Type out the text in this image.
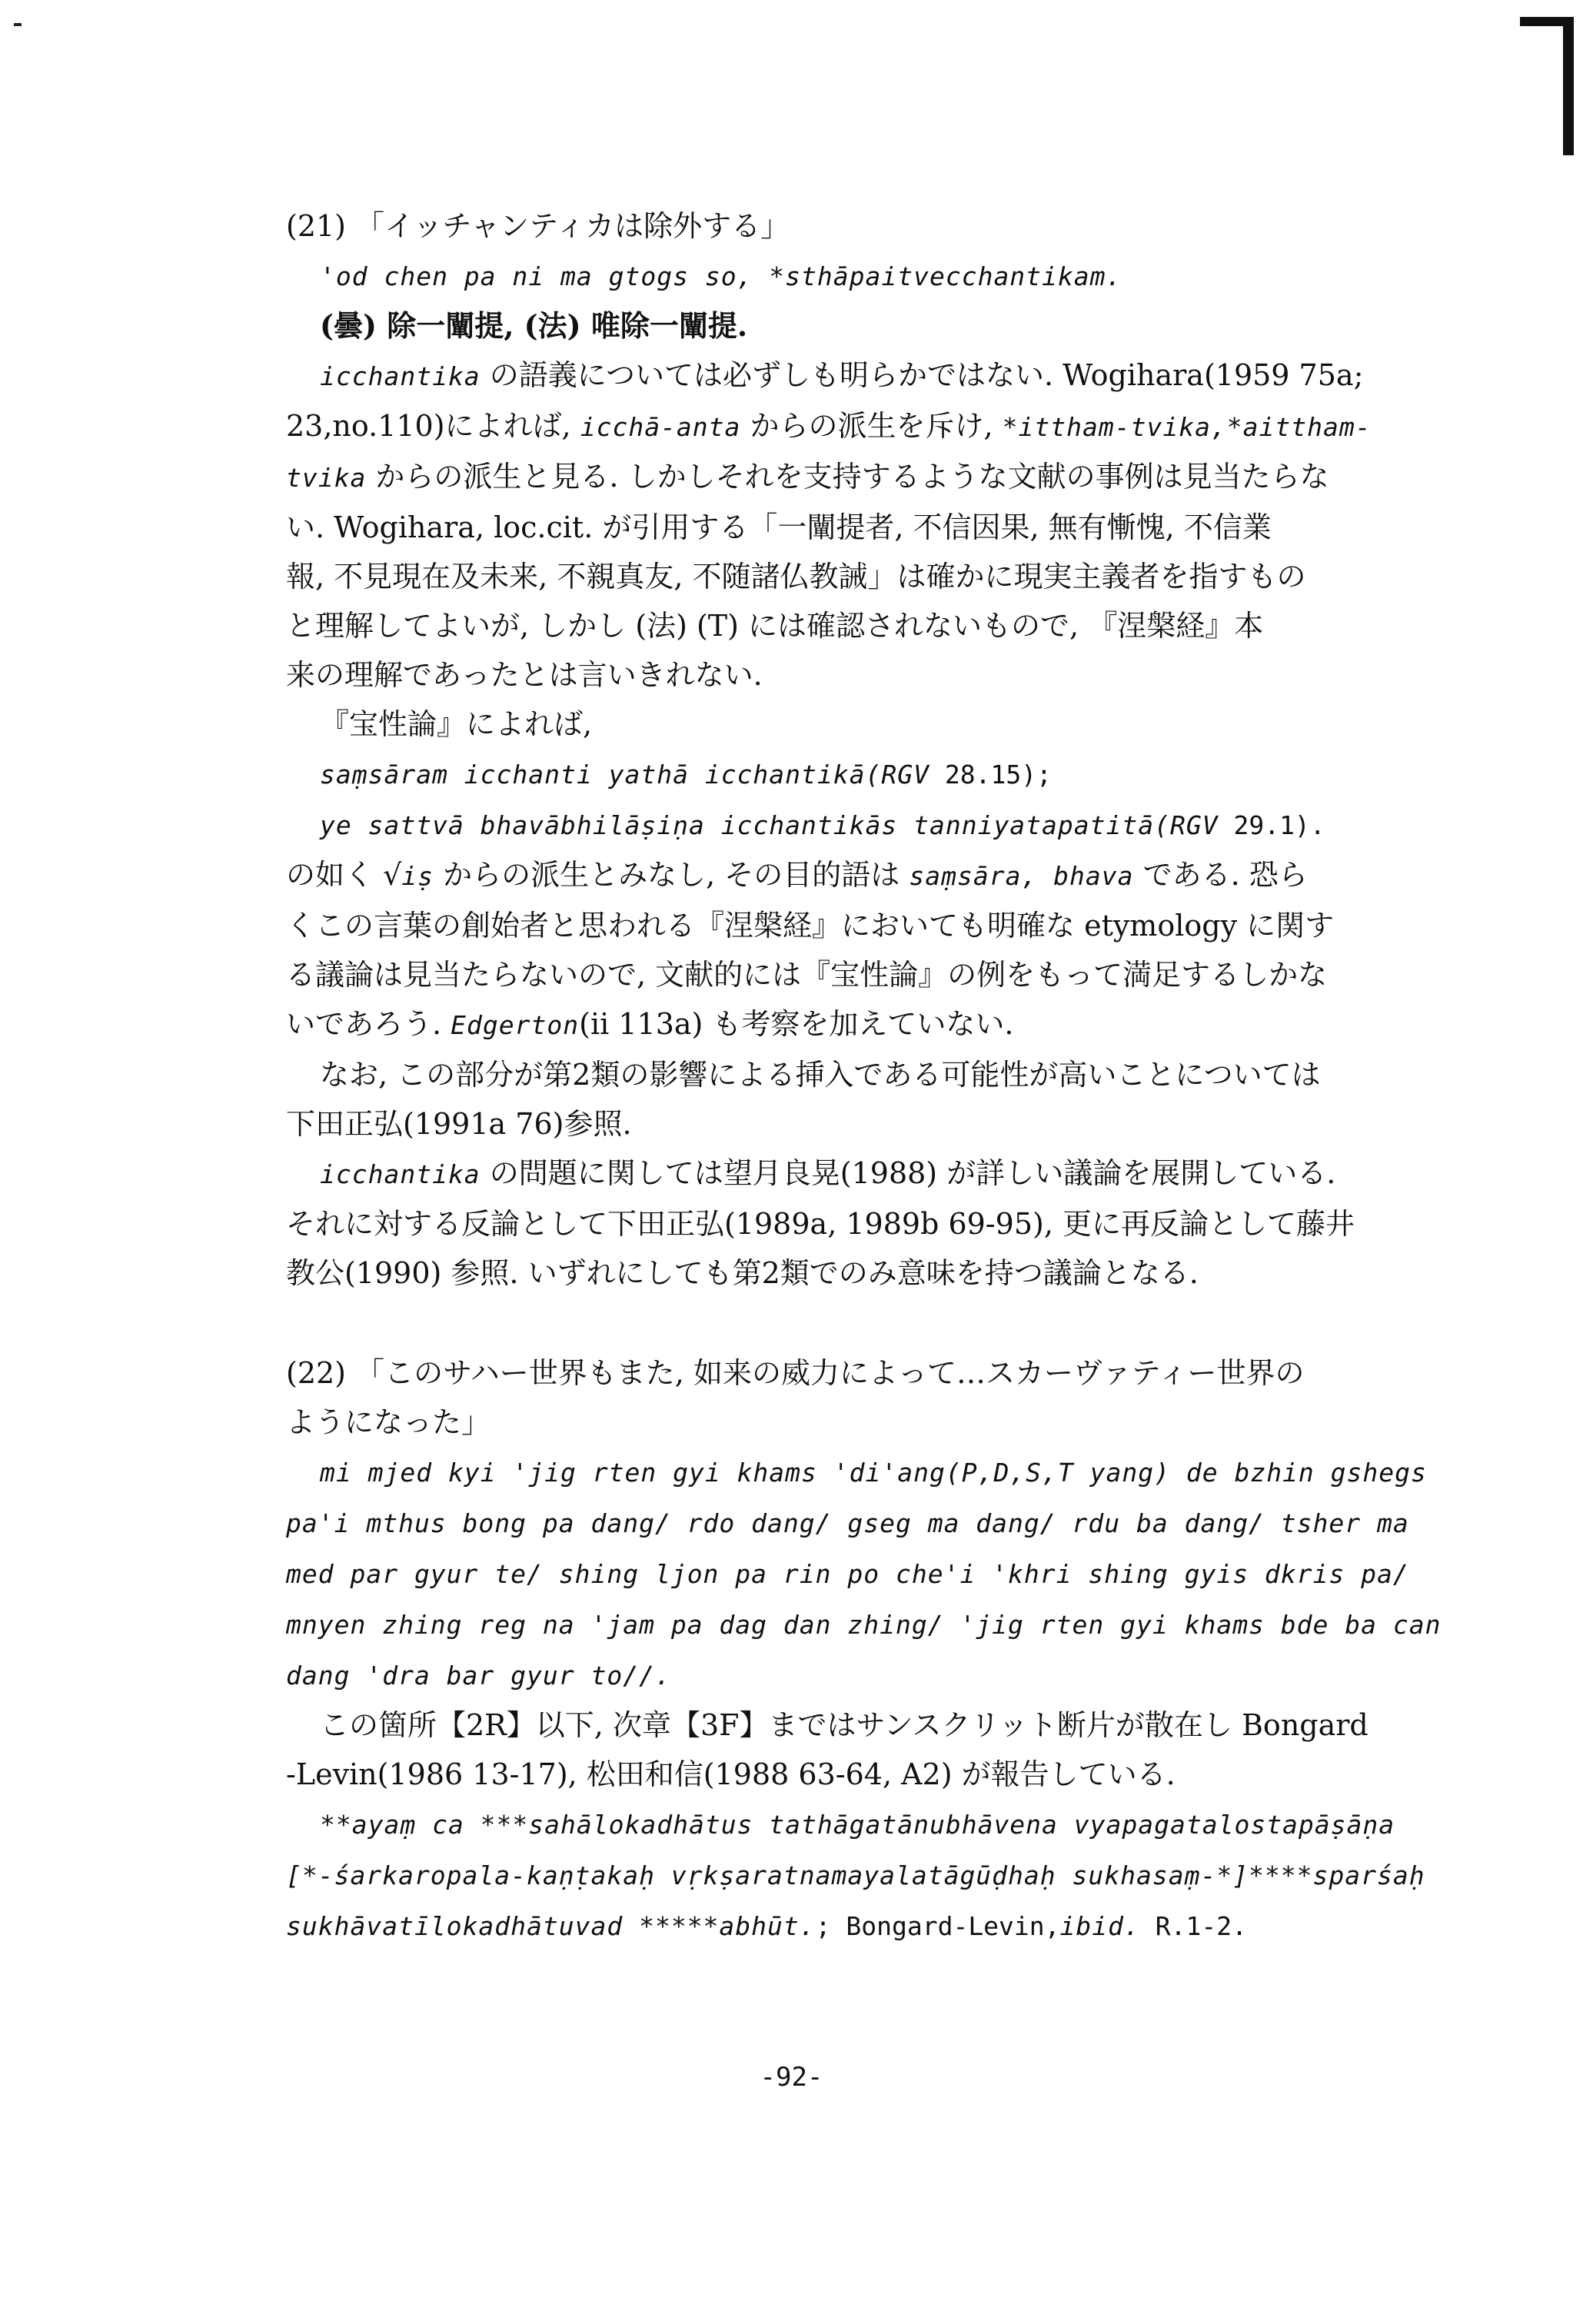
(21) 「イッチャンティカは除外する」
'od chen pa ni ma gtogs so, *sthāpaitvecchantikam.
(曇) 除一闡提, (法) 唯除一闡提.
icchantika の語義については必ずしも明らかではない. Wogihara(1959 75a;
23,no.110)によれば, icchā-anta からの派生を斥け, *ittham-tvika,*aittham-
tvika からの派生と見る. しかしそれを支持するような文献の事例は見当たらな
い. Wogihara, loc.cit. が引用する「一闡提者, 不信因果, 無有慚愧, 不信業
報, 不見現在及未来, 不親真友, 不随諸仏教誡」は確かに現実主義者を指すもの
と理解してよいが, しかし (法) (T) には確認されないもので, 『涅槃経』本
来の理解であったとは言いきれない.
『宝性論』によれば,
saṃsāram icchanti yathā icchantikā(RGV 28.15);
ye sattvā bhavābhilāṣiṇa icchantikās tanniyatapatitā(RGV 29.1).
の如く √iṣ からの派生とみなし, その目的語は saṃsāra, bhava である. 恐ら
くこの言葉の創始者と思われる『涅槃経』においても明確な etymology に関す
る議論は見当たらないので, 文献的には『宝性論』の例をもって満足するしかな
いであろう. Edgerton(ii 113a) も考察を加えていない.
なお, この部分が第2類の影響による挿入である可能性が高いことについては
下田正弘(1991a 76)参照.
icchantika の問題に関しては望月良晃(1988) が詳しい議論を展開している.
それに対する反論として下田正弘(1989a, 1989b 69-95), 更に再反論として藤井
教公(1990) 参照. いずれにしても第2類でのみ意味を持つ議論となる.
(22) 「このサハー世界もまた, 如来の威力によって…スカーヴァティー世界の
ようになった」
mi mjed kyi 'jig rten gyi khams 'di'ang(P,D,S,T yang) de bzhin gshegs
pa'i mthus bong pa dang/ rdo dang/ gseg ma dang/ rdu ba dang/ tsher ma
med par gyur te/ shing ljon pa rin po che'i 'khri shing gyis dkris pa/
mnyen zhing reg na 'jam pa dag dan zhing/ 'jig rten gyi khams bde ba can
dang 'dra bar gyur to//.
この箇所【2R】以下, 次章【3F】まではサンスクリット断片が散在し Bongard
-Levin(1986 13-17), 松田和信(1988 63-64, A2) が報告している.
**ayaṃ ca ***sahālokadhātus tathāgatānubhāvena vyapagatalostapāṣāṇa
[*-śarkaropala-kaṇṭakaḥ vṛkṣaratnamayalatāgūḍhaḥ sukhasaṃ-*]****sparśaḥ
sukhāvatīlokadhātuvad *****abhūt.; Bongard-Levin,ibid. R.1-2.
-92-
